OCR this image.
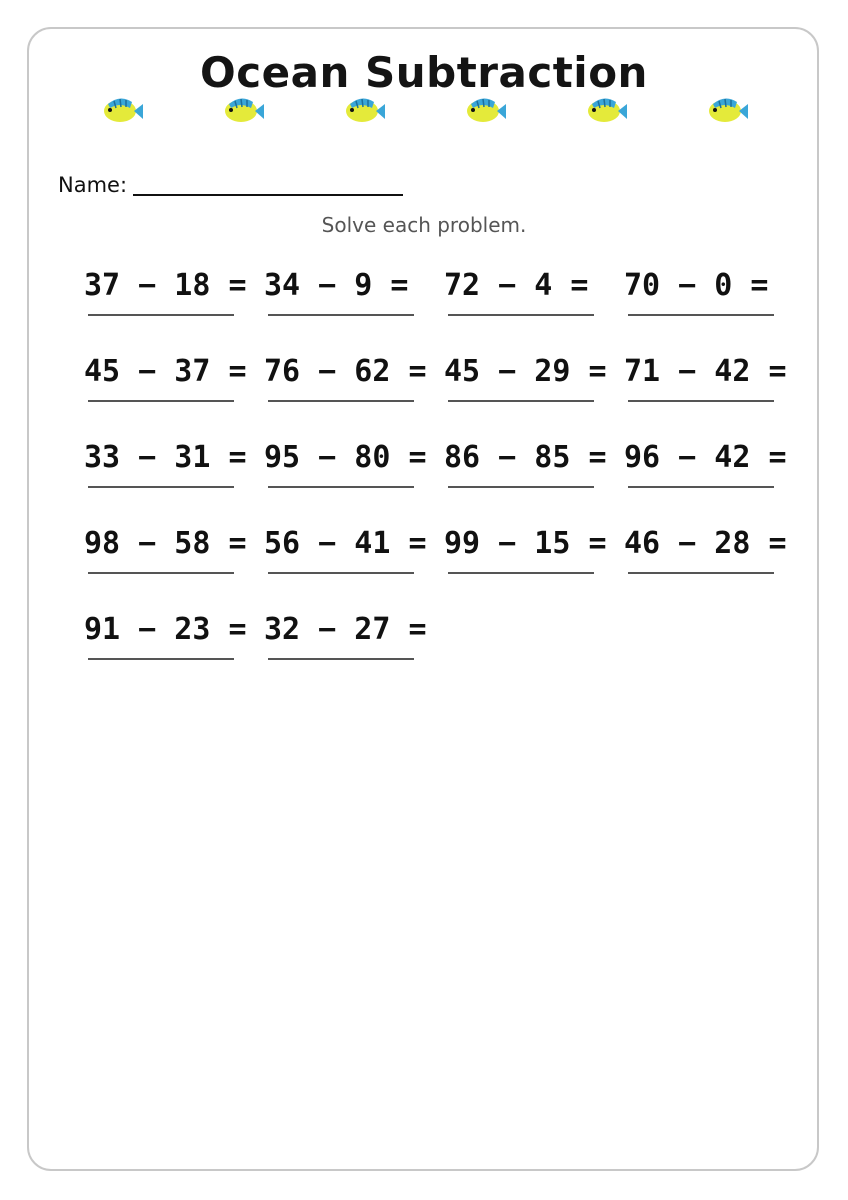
Ocean Subtraction
Name:
Solve each problem.
37 − 18 = 34 − 9 = 72 − 4 = 70 − 0 =
45 − 37 = 76 − 62 = 45 − 29 = 71 − 42 =
33 − 31 = 95 − 80 = 86 − 85 = 96 − 42 =
98 − 58 = 56 − 41 = 99 − 15 = 46 − 28 =
91 − 23 = 32 − 27 =
